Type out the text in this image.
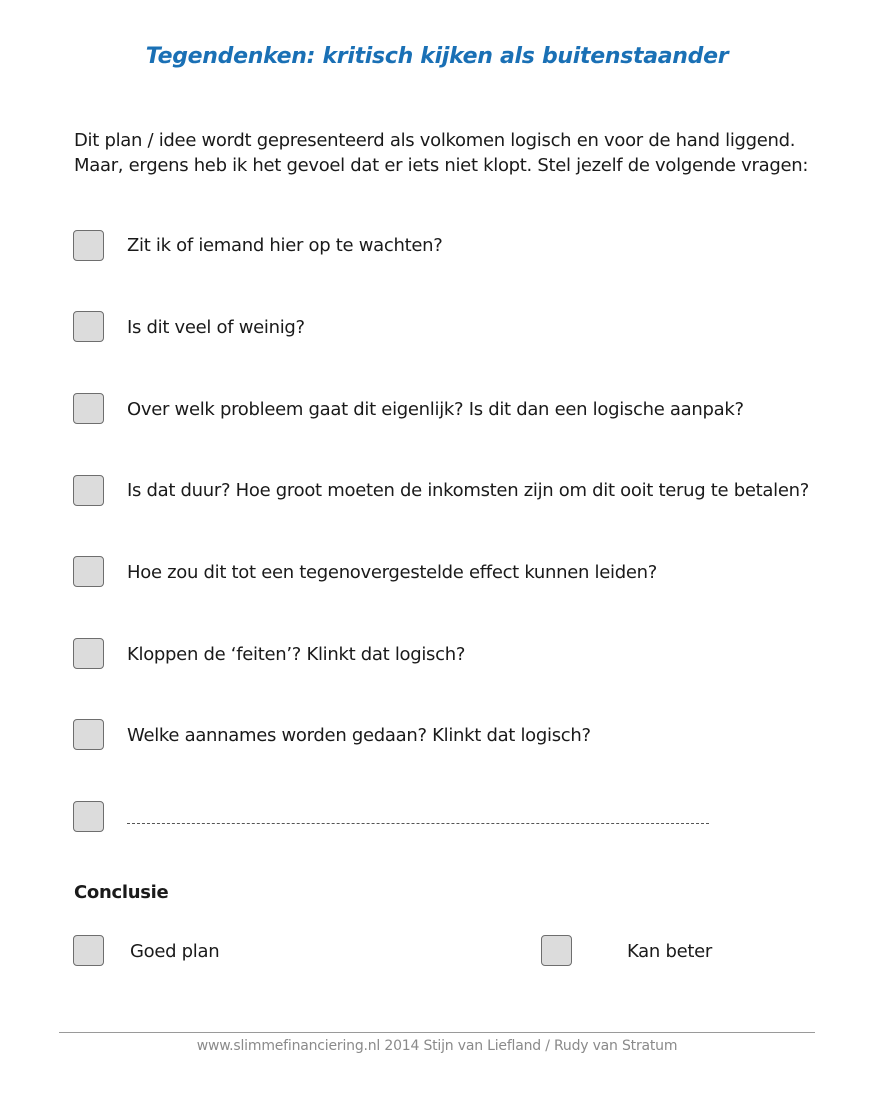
Tegendenken: kritisch kijken als buitenstaander
Dit plan / idee wordt gepresenteerd als volkomen logisch en voor de hand liggend.
Maar, ergens heb ik het gevoel dat er iets niet klopt. Stel jezelf de volgende vragen:
Zit ik of iemand hier op te wachten?
Is dit veel of weinig?
Over welk probleem gaat dit eigenlijk? Is dit dan een logische aanpak?
Is dat duur? Hoe groot moeten de inkomsten zijn om dit ooit terug te betalen?
Hoe zou dit tot een tegenovergestelde effect kunnen leiden?
Kloppen de ‘feiten’? Klinkt dat logisch?
Welke aannames worden gedaan? Klinkt dat logisch?
Conclusie
Goed plan	Kan beter
www.slimmefinanciering.nl 2014 Stijn van Liefland / Rudy van Stratum
